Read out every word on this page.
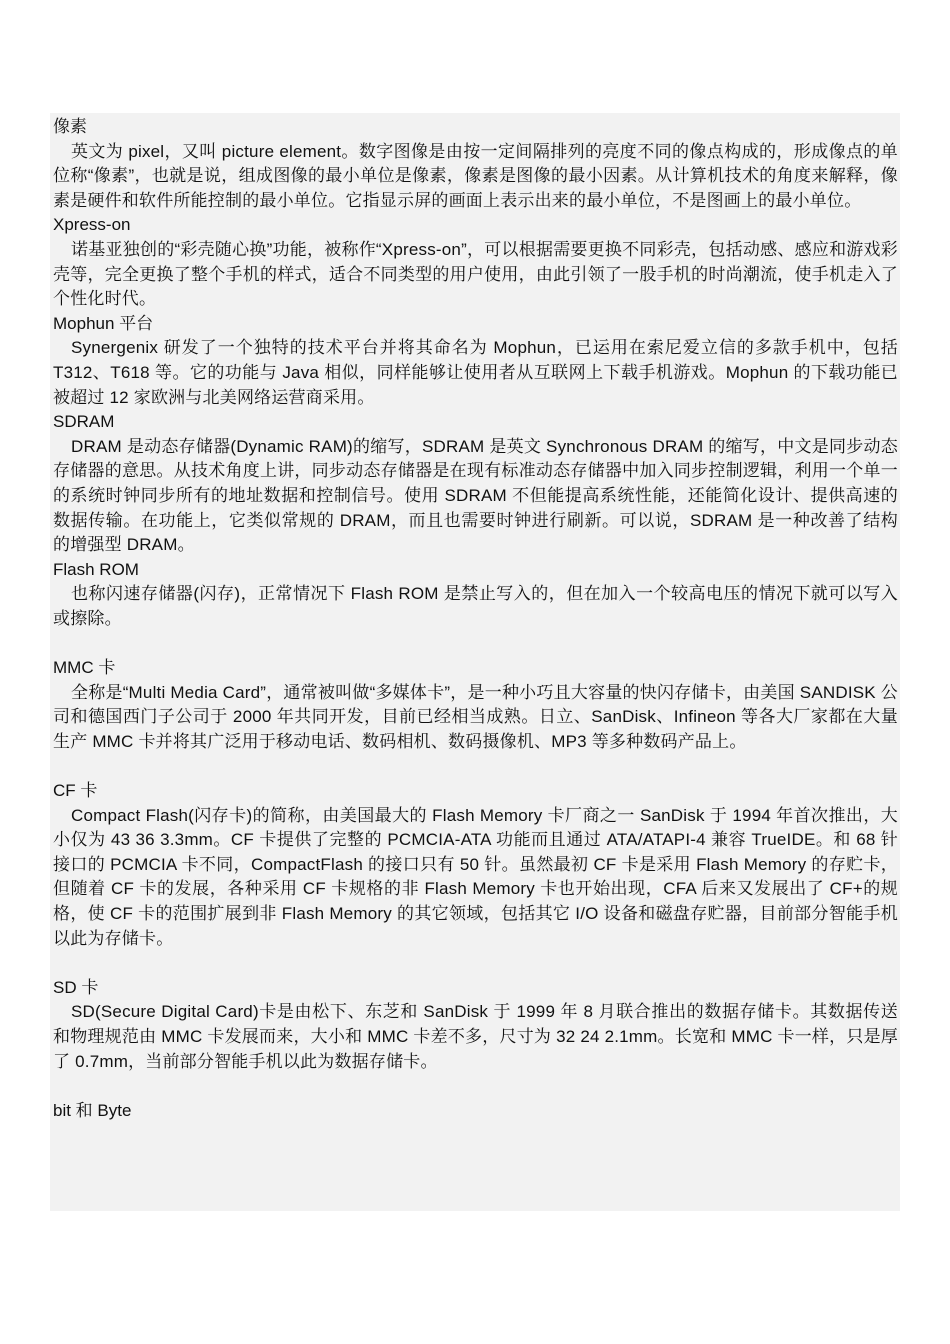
像素

英文为 pixel，又叫 picture element。数字图像是由按一定间隔排列的亮度不同的像点构成的，形成像点的单位称“像素”，也就是说，组成图像的最小单位是像素，像素是图像的最小因素。从计算机技术的角度来解释，像素是硬件和软件所能控制的最小单位。它指显示屏的画面上表示出来的最小单位，不是图画上的最小单位。

Xpress-on

诺基亚独创的“彩壳随心换”功能，被称作“Xpress-on”，可以根据需要更换不同彩壳，包括动感、感应和游戏彩壳等，完全更换了整个手机的样式，适合不同类型的用户使用，由此引领了一股手机的时尚潮流，使手机走入了个性化时代。

Mophun 平台

Synergenix 研发了一个独特的技术平台并将其命名为 Mophun，已运用在索尼爱立信的多款手机中，包括 T312、T618 等。它的功能与 Java 相似，同样能够让使用者从互联网上下载手机游戏。Mophun 的下载功能已被超过 12 家欧洲与北美网络运营商采用。

SDRAM

DRAM 是动态存储器(Dynamic RAM)的缩写，SDRAM 是英文 Synchronous DRAM 的缩写，中文是同步动态存储器的意思。从技术角度上讲，同步动态存储器是在现有标准动态存储器中加入同步控制逻辑，利用一个单一的系统时钟同步所有的地址数据和控制信号。使用 SDRAM 不但能提高系统性能，还能简化设计、提供高速的数据传输。在功能上，它类似常规的 DRAM，而且也需要时钟进行刷新。可以说，SDRAM 是一种改善了结构的增强型 DRAM。

Flash ROM

也称闪速存储器(闪存)，正常情况下 Flash ROM 是禁止写入的，但在加入一个较高电压的情况下就可以写入或擦除。

MMC 卡

全称是“Multi Media Card”，通常被叫做“多媒体卡”，是一种小巧且大容量的快闪存储卡，由美国 SANDISK 公司和德国西门子公司于 2000 年共同开发，目前已经相当成熟。日立、SanDisk、Infineon 等各大厂家都在大量生产 MMC 卡并将其广泛用于移动电话、数码相机、数码摄像机、MP3 等多种数码产品上。

CF 卡

Compact Flash(闪存卡)的简称，由美国最大的 Flash Memory 卡厂商之一 SanDisk 于 1994 年首次推出，大小仅为 43 36 3.3mm。CF 卡提供了完整的 PCMCIA-ATA 功能而且通过 ATA/ATAPI-4 兼容 TrueIDE。和 68 针接口的 PCMCIA 卡不同，CompactFlash 的接口只有 50 针。虽然最初 CF 卡是采用 Flash Memory 的存贮卡，但随着 CF 卡的发展，各种采用 CF 卡规格的非 Flash Memory 卡也开始出现，CFA 后来又发展出了 CF+的规格，使 CF 卡的范围扩展到非 Flash Memory 的其它领域，包括其它 I/O 设备和磁盘存贮器，目前部分智能手机以此为存储卡。

SD 卡

SD(Secure Digital Card)卡是由松下、东芝和 SanDisk 于 1999 年 8 月联合推出的数据存储卡。其数据传送和物理规范由 MMC 卡发展而来，大小和 MMC 卡差不多，尺寸为 32 24 2.1mm。长宽和 MMC 卡一样，只是厚了 0.7mm，当前部分智能手机以此为数据存储卡。

bit 和 Byte
